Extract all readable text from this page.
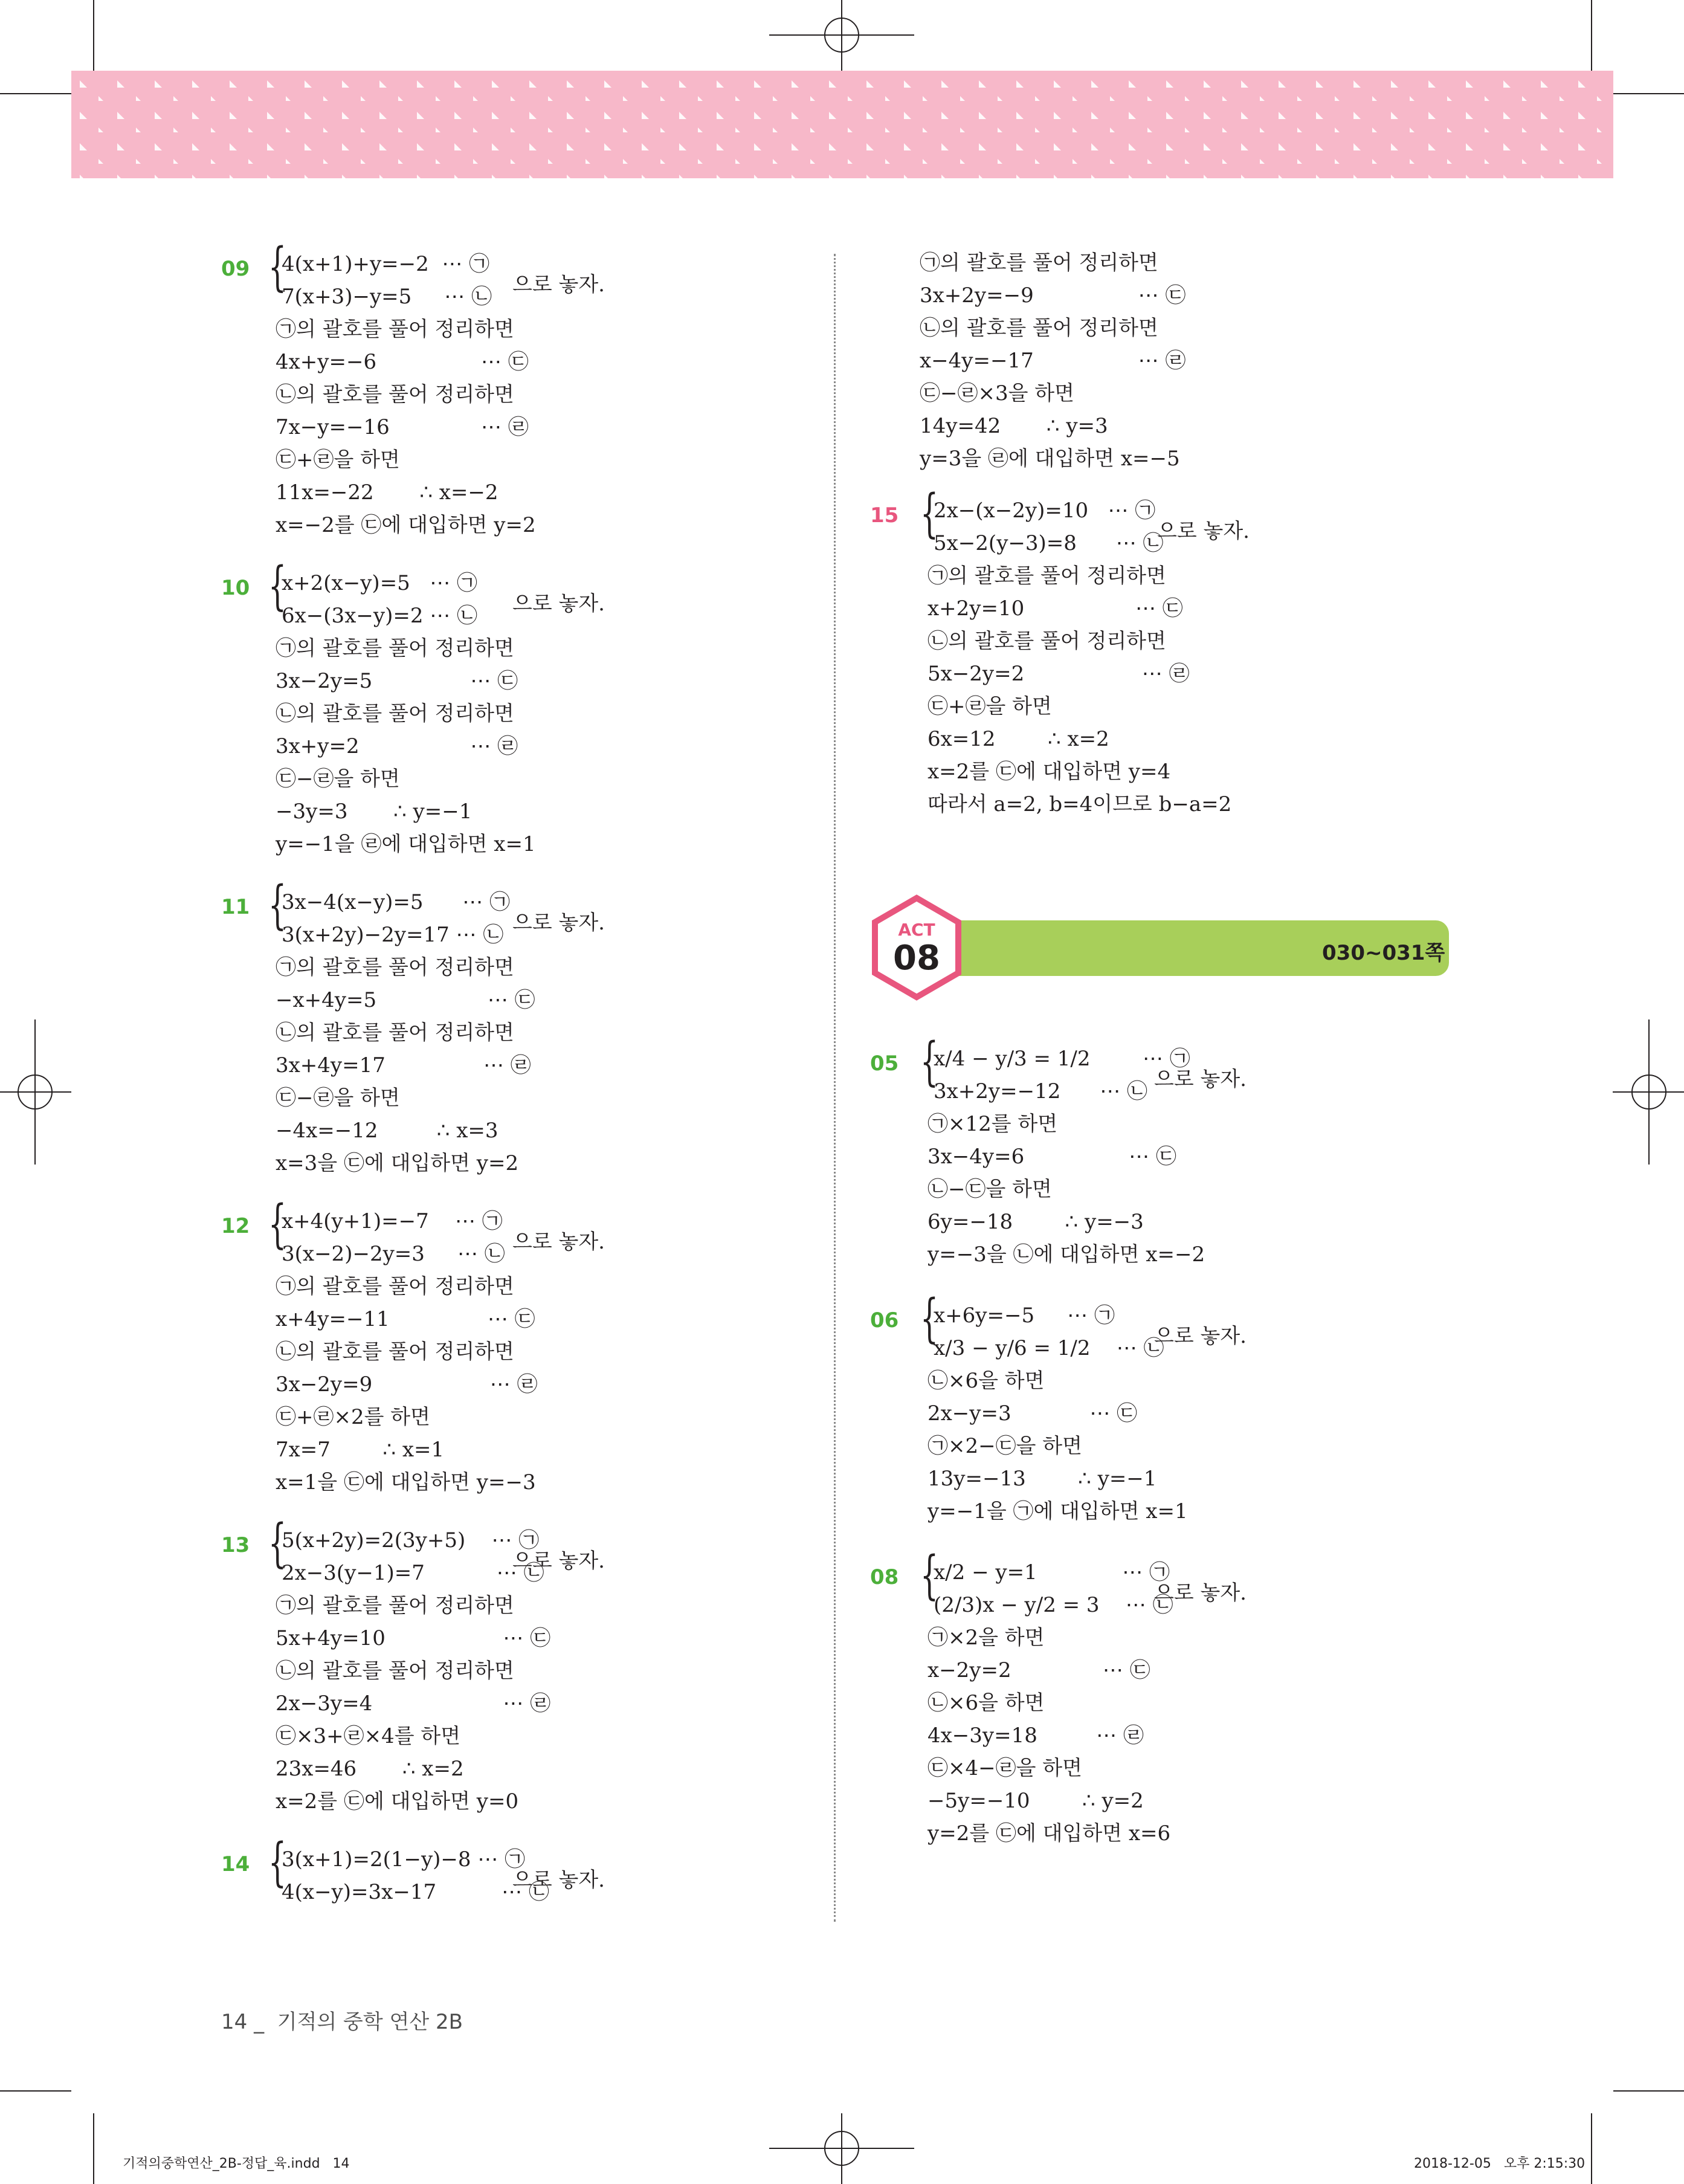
030~031쪽
ACT
08
14 _ 기적의 중학 연산 2B
기적의중학연산_2B-정답_육.indd   14	2018-12-05   오후 2:15:30
09 {
4(x+1)+y=−2  ⋯ ㉠
7(x+3)−y=5     ⋯ ㉡ 으로 놓자.
㉠의 괄호를 풀어 정리하면
4x+y=−6                ⋯ ㉢
㉡의 괄호를 풀어 정리하면
7x−y=−16              ⋯ ㉣
㉢+㉣을 하면
11x=−22       ∴ x=−2
x=−2를 ㉢에 대입하면 y=2
10 {
x+2(x−y)=5   ⋯ ㉠
6x−(3x−y)=2 ⋯ ㉡ 으로 놓자.
㉠의 괄호를 풀어 정리하면
3x−2y=5               ⋯ ㉢
㉡의 괄호를 풀어 정리하면
3x+y=2                 ⋯ ㉣
㉢−㉣을 하면
−3y=3       ∴ y=−1
y=−1을 ㉣에 대입하면 x=1
11 {
3x−4(x−y)=5      ⋯ ㉠
3(x+2y)−2y=17 ⋯ ㉡ 으로 놓자.
㉠의 괄호를 풀어 정리하면
−x+4y=5                 ⋯ ㉢
㉡의 괄호를 풀어 정리하면
3x+4y=17               ⋯ ㉣
㉢−㉣을 하면
−4x=−12         ∴ x=3
x=3을 ㉢에 대입하면 y=2
12 {
x+4(y+1)=−7    ⋯ ㉠
3(x−2)−2y=3     ⋯ ㉡ 으로 놓자.
㉠의 괄호를 풀어 정리하면
x+4y=−11               ⋯ ㉢
㉡의 괄호를 풀어 정리하면
3x−2y=9                  ⋯ ㉣
㉢+㉣×2를 하면
7x=7        ∴ x=1
x=1을 ㉢에 대입하면 y=−3
13 {
5(x+2y)=2(3y+5)    ⋯ ㉠
2x−3(y−1)=7           ⋯ ㉡
으로 놓자.
㉠의 괄호를 풀어 정리하면
5x+4y=10                  ⋯ ㉢
㉡의 괄호를 풀어 정리하면
2x−3y=4                    ⋯ ㉣
㉢×3+㉣×4를 하면
23x=46       ∴ x=2
x=2를 ㉢에 대입하면 y=0
14 {
3(x+1)=2(1−y)−8 ⋯ ㉠
4(x−y)=3x−17          ⋯ ㉡
으로 놓자.
㉠의 괄호를 풀어 정리하면
3x+2y=−9                ⋯ ㉢
㉡의 괄호를 풀어 정리하면
x−4y=−17                ⋯ ㉣
㉢−㉣×3을 하면
14y=42       ∴ y=3
y=3을 ㉣에 대입하면 x=−5
15 {
2x−(x−2y)=10   ⋯ ㉠
5x−2(y−3)=8      ⋯ ㉡
으로 놓자.
㉠의 괄호를 풀어 정리하면
x+2y=10                 ⋯ ㉢
㉡의 괄호를 풀어 정리하면
5x−2y=2                  ⋯ ㉣
㉢+㉣을 하면
6x=12        ∴ x=2
x=2를 ㉢에 대입하면 y=4
따라서 a=2, b=4이므로 b−a=2
05 {
x/4 − y/3 = 1/2        ⋯ ㉠
3x+2y=−12      ⋯ ㉡ 으로 놓자.
㉠×12를 하면
3x−4y=6                ⋯ ㉢
㉡−㉢을 하면
6y=−18        ∴ y=−3
y=−3을 ㉡에 대입하면 x=−2
06 {
x+6y=−5     ⋯ ㉠
x/3 − y/6 = 1/2    ⋯ ㉡
으로 놓자.
㉡×6을 하면
2x−y=3            ⋯ ㉢
㉠×2−㉢을 하면
13y=−13        ∴ y=−1
y=−1을 ㉠에 대입하면 x=1
08 {
x/2 − y=1             ⋯ ㉠
(2/3)x − y/2 = 3    ⋯ ㉡
으로 놓자.
㉠×2을 하면
x−2y=2              ⋯ ㉢
㉡×6을 하면
4x−3y=18         ⋯ ㉣
㉢×4−㉣을 하면
−5y=−10        ∴ y=2
y=2를 ㉢에 대입하면 x=6
